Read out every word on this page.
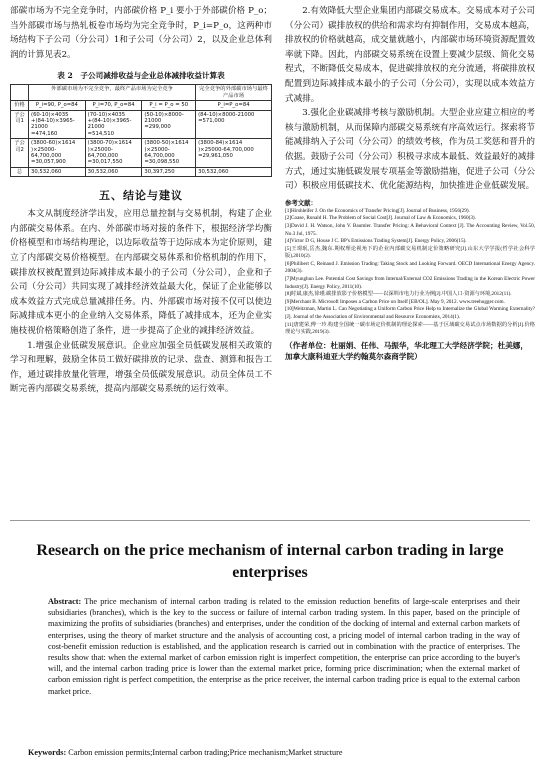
部碳市场为不完全竞争时，内部碳价格 P_i 要小于外部碳价格 P_o；当外部碳市场与热轧板卷市场均为完全竞争时，P_i=P_o，这两种市场结构下子公司（分公司）1和子公司（分公司）2，以及企业总体利润的计算见表2。

表 2　子公司减排收益与企业总体减排收益计算表
	外部碳市场为不完全竞争，最终产品市场为完全竞争			完全竞争的外部碳市场与最终产品市场
价格	P_i=90, P_o=84	P_i=70, P_o=84	P_i = P_o = 50	P_i=P_o=84
子公司1	(60-10)×4035
+(84-10)×3965-21000
=474,160	(70-10)×4035
+(84-10)×3965-21000
=514,510	(50-10)×8000-21000
=299,000	(84-10)×8000-21000
=571,000
子公司2	(3800-60)×1614
)×25000-64,700,000
=30,057,900	(3800-70)×1614
)×25000-64,700,000
=30,017,550	(3800-50)×1614
)×25000-64,700,000
=30,098,550	(3800-84)×1614
)×25000-64,700,000
=29,961,050
总	30,532,060	30,532,060	30,397,250	30,532,060
五、结论与建议

本文从制度经济学出发，应用总量控制与交易机制，构建了企业内部碳交易体系。在内、外部碳市场对接的条件下，根据经济学均衡价格模型和市场结构理论，以边际收益等于边际成本为定价原则，建立了内部碳交易价格模型。在内部碳交易体系和价格机制的作用下，碳排放权被配置到边际减排成本最小的子公司（分公司），企业和子公司（分公司）共同实现了减排经济效益最大化，保证了企业能够以成本效益方式完成总量减排任务。内、外部碳市场对接不仅可以使边际减排成本更小的企业纳入交易体系，降低了减排成本，还为企业实施枝视价格策略创造了条件，进一步提高了企业的减排经济效益。

1.增强企业低碳发展意识。企业应加强全员低碳发展相关政策的学习和理解，鼓励全体员工做好碳排放的记录、盘查、测算和报告工作，通过碳排放量化管理，增强全员低碳发展意识。动员全体员工不断完善内部碳交易系统，提高内部碳交易系统的运行效率。

2.有效降低大型企业集团内部碳交易成本。交易成本对子公司（分公司）碳排放权的供给和需求均有抑制作用，交易成本越高，排放权的价格就越高，成交量就越小，内部碳市场环境资源配置效率就下降。因此，内部碳交易系统在设置上要减少层级、简化交易程式，不断降低交易成本，促进碳排放权的充分流通，将碳排放权配置到边际减排成本最小的子公司（分公司），实现以成本效益方式减排。

3.强化企业碳减排考核与激励机制。大型企业应建立相应的考核与激励机制，从而保障内部碳交易系统有序高效运行。探索将节能减排纳入子公司（分公司）的绩效考核，作为员工奖惩和晋升的依据。鼓励子公司（分公司）积极寻求成本最低、效益最好的减排方式，通过实施低碳发展专项基金等激励措施，促进子公司（分公司）积极应用低碳技术、优化能源结构，加快推进企业低碳发展。

参考文献：
[1]Hirshleifer J. On the Economics of Transfer Pricing[J]. Journal of Business, 1956(29).
[2]Coase, Ronald H. The Problem of Social Cost[J]. Journal of Law & Economics, 1960(3).
[3]David J. H. Watson, John V. Baumler. Transfer Pricing: A Behavioral Context [J]. The Accounting Review, Vol.50, No.3 Jul, 1975.
[4]Victor D G, House J C. BP's Emissions Trading System[J]. Energy Policy, 2006(15).
[5]王璟珉,岳杰,魏东.期权理论视角下的企业内部碳交易机制定价策略研究[J].山东大学学报(哲学社会科学版),2010(2).
[6]Philibert C, Reinaud J. Emission Trading: Taking Stock and Looking Forward. OECD International Energy Agency. 2004(3).
[7]Myunghun Lee. Potential Cost Savings from Internal/External CO2 Emissions Trading in the Korean Electric Power Industry[J]. Energy Policy, 2011(10).
[8]时斌,康杰,徐瑾.碳排放影子价格模型——以深圳市电力行业为例[J].中国人口·资源与环境,2012(11).
[9]Merchant B. Microsoft Imposes a Carbon Price on Itself [EB/OL]. May 9, 2012. www.treehugger.com.
[10]Weitzman, Martin L. Can Negotiating a Uniform Carbon Price Help to Internalize the Global Warming Externality?[J]. Journal of the Association of Environmental and Resource Economists, 2014(1).
[11]唐建荣,傅一玲.构建全国统一碳市场定价机制的理论探索——基于区域碳交易试点市场数据的分析[J].价格理论与实践,2019(3).
（作者单位：杜丽娟、任伟、马振华，华北理工大学经济学院；杜美娜，加拿大康科迪亚大学约翰莫尔森商学院）
Research on the price mechanism of internal carbon trading in large enterprises
Abstract: The price mechanism of internal carbon trading is related to the emission reduction benefits of large-scale enterprises and their subsidiaries (branches), which is the key to the success or failure of internal carbon trading system. In this paper, based on the principle of maximizing the profits of subsidiaries (branches) and enterprises, under the condition of the docking of internal and external carbon markets of enterprises, using the theory of market structure and the analysis of accounting cost, a pricing model of internal carbon trading in the way of cost-benefit emission reduction is established, and the application research is carried out in combination with the practice of enterprises. The results show that: when the external market of carbon emission right is imperfect competition, the enterprise can price according to the buyer's will, and the internal carbon trading price is lower than the external market price, forming price discrimination; when the external market of carbon emission right is perfect competition, the enterprise as the price receiver, the internal carbon trading price is equal to the external carbon market price.
Keywords: Carbon emission permits;Internal carbon trading;Price mechanism;Market structure
